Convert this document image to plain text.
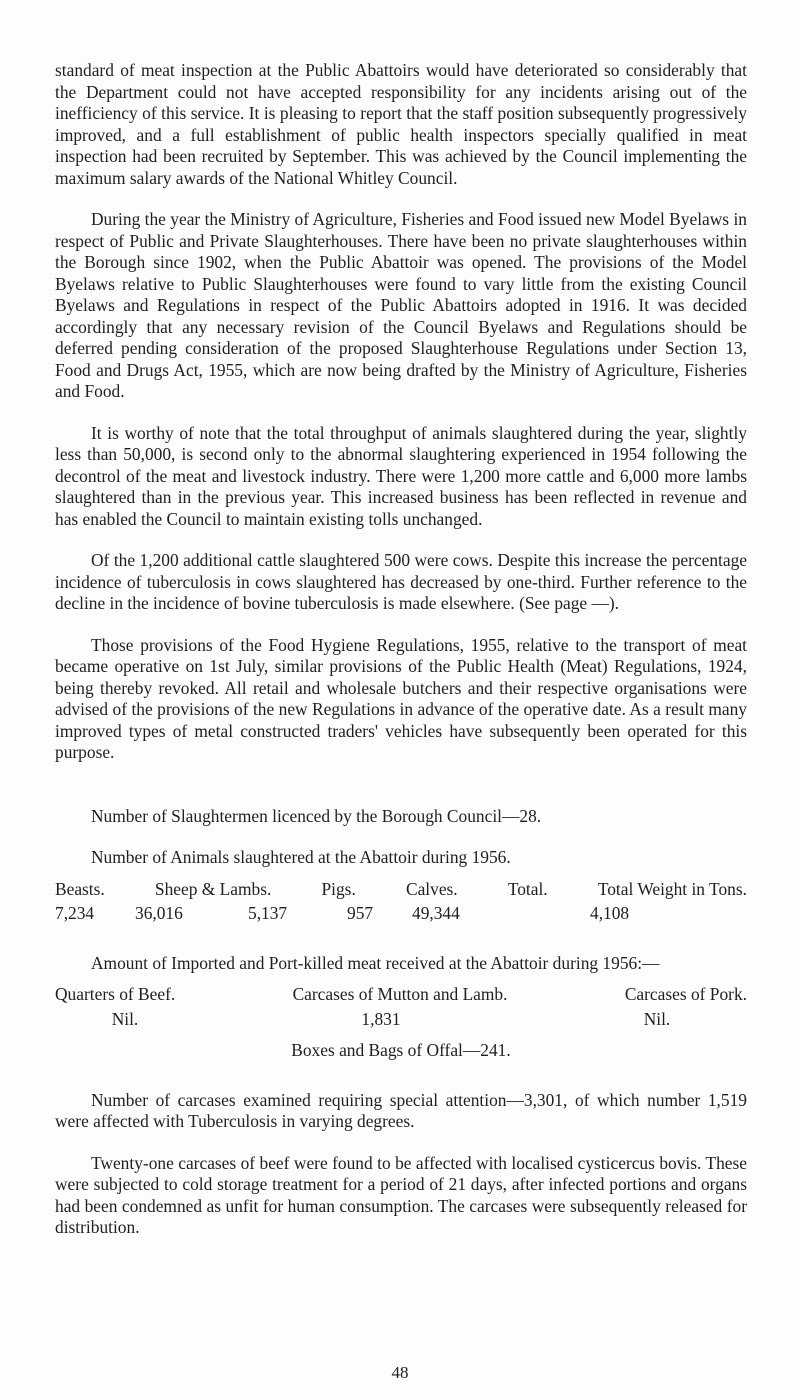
standard of meat inspection at the Public Abattoirs would have deteriorated so considerably that the Department could not have accepted responsibility for any incidents arising out of the inefficiency of this service. It is pleasing to report that the staff position subsequently progressively improved, and a full establishment of public health inspectors specially qualified in meat inspection had been recruited by September. This was achieved by the Council implementing the maximum salary awards of the National Whitley Council.

During the year the Ministry of Agriculture, Fisheries and Food issued new Model Byelaws in respect of Public and Private Slaughterhouses. There have been no private slaughterhouses within the Borough since 1902, when the Public Abattoir was opened. The provisions of the Model Byelaws relative to Public Slaughterhouses were found to vary little from the existing Council Byelaws and Regulations in respect of the Public Abattoirs adopted in 1916. It was decided accordingly that any necessary revision of the Council Byelaws and Regulations should be deferred pending consideration of the proposed Slaughterhouse Regulations under Section 13, Food and Drugs Act, 1955, which are now being drafted by the Ministry of Agriculture, Fisheries and Food.

It is worthy of note that the total throughput of animals slaughtered during the year, slightly less than 50,000, is second only to the abnormal slaughtering experienced in 1954 following the decontrol of the meat and livestock industry. There were 1,200 more cattle and 6,000 more lambs slaughtered than in the previous year. This increased business has been reflected in revenue and has enabled the Council to maintain existing tolls unchanged.

Of the 1,200 additional cattle slaughtered 500 were cows. Despite this increase the percentage incidence of tuberculosis in cows slaughtered has decreased by one-third. Further reference to the decline in the incidence of bovine tuberculosis is made elsewhere. (See page —).

Those provisions of the Food Hygiene Regulations, 1955, relative to the transport of meat became operative on 1st July, similar provisions of the Public Health (Meat) Regulations, 1924, being thereby revoked. All retail and wholesale butchers and their respective organisations were advised of the provisions of the new Regulations in advance of the operative date. As a result many improved types of metal constructed traders' vehicles have subsequently been operated for this purpose.

Number of Slaughtermen licenced by the Borough Council—28.

Number of Animals slaughtered at the Abattoir during 1956.

Beasts.	Sheep & Lambs.	Pigs.	Calves.	Total.	Total Weight in Tons.
7,234	36,016	5,137	957	49,344	4,108

Amount of Imported and Port-killed meat received at the Abattoir during 1956:—

Quarters of Beef.	Carcases of Mutton and Lamb.	Carcases of Pork.
Nil.	1,831	Nil.

Boxes and Bags of Offal—241.

Number of carcases examined requiring special attention—3,301, of which number 1,519 were affected with Tuberculosis in varying degrees.

Twenty-one carcases of beef were found to be affected with localised cysticercus bovis. These were subjected to cold storage treatment for a period of 21 days, after infected portions and organs had been condemned as unfit for human consumption. The carcases were subsequently released for distribution.

48
